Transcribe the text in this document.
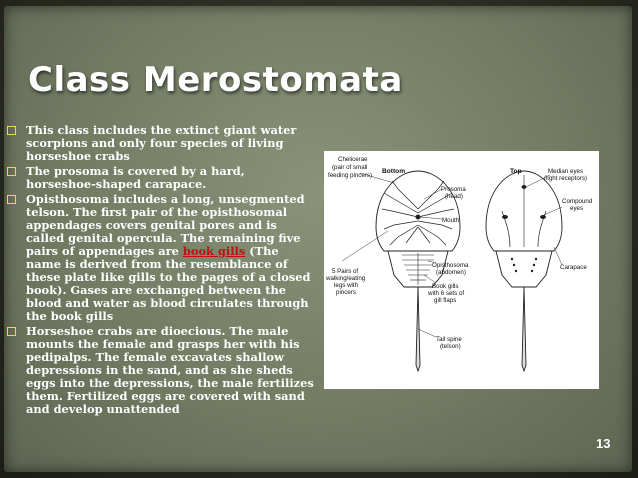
Class Merostomata
This class includes the extinct giant water scorpions and only four species of living horseshoe crabs
The prosoma is covered by a hard, horseshoe-shaped carapace.
Opisthosoma includes a long, unsegmented telson. The first pair of the opisthosomal appendages covers genital pores and is called genital opercula. The remaining five pairs of appendages are book gills (The name is derived from the resemblance of these plate like gills to the pages of a closed book). Gases are exchanged between the blood and water as blood circulates through the book gills
Horseshoe crabs are dioecious. The male mounts the female and grasps her with his pedipalps. The female excavates shallow depressions in the sand, and as she sheds eggs into the depressions, the male fertilizes them. Fertilized eggs are covered with sand and develop unattended
Chelicerae
(pair of small
feeding pincers)
Bottom	Top
Prosoma
(head)
Mouth
5 Pairs of
walking/eating
legs with
pincers
Opisthosoma
(abdomen)
Book gills
with 6 sets of
gill flaps
Tail spine
(telson)
Median eyes
(light receptors)
Compound
eyes
Carapace
13
